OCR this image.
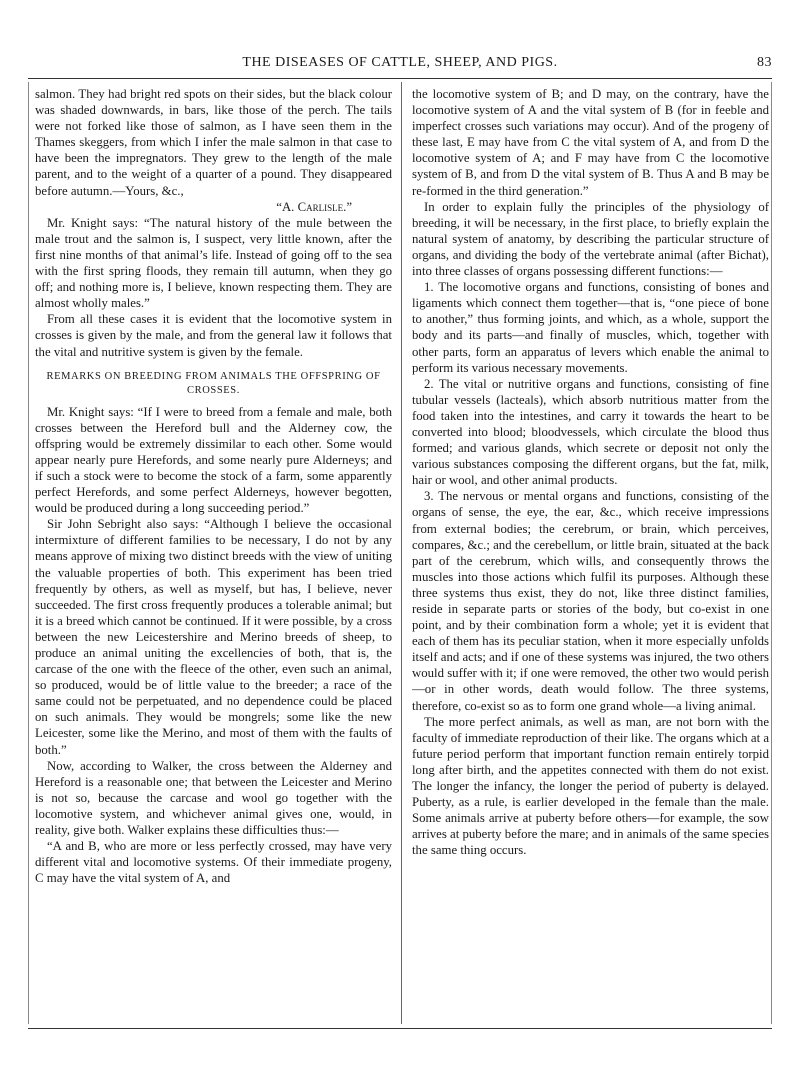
THE DISEASES OF CATTLE, SHEEP, AND PIGS.	83

salmon. They had bright red spots on their sides, but the black colour was shaded downwards, in bars, like those of the perch. The tails were not forked like those of salmon, as I have seen them in the Thames skeggers, from which I infer the male salmon in that case to have been the impregnators. They grew to the length of the male parent, and to the weight of a quarter of a pound. They disappeared before autumn.—Yours, &c.,

“A. Carlisle.”

Mr. Knight says: “The natural history of the mule between the male trout and the salmon is, I suspect, very little known, after the first nine months of that animal’s life. Instead of going off to the sea with the first spring floods, they remain till autumn, when they go off; and nothing more is, I believe, known respecting them. They are almost wholly males.”

From all these cases it is evident that the locomotive system in crosses is given by the male, and from the general law it follows that the vital and nutritive system is given by the female.

REMARKS ON BREEDING FROM ANIMALS THE OFFSPRING OF CROSSES.

Mr. Knight says: “If I were to breed from a female and male, both crosses between the Hereford bull and the Alderney cow, the offspring would be extremely dissimilar to each other. Some would appear nearly pure Herefords, and some nearly pure Alderneys; and if such a stock were to become the stock of a farm, some apparently perfect Herefords, and some perfect Alderneys, however begotten, would be produced during a long succeeding period.”

Sir John Sebright also says: “Although I believe the occasional intermixture of different families to be necessary, I do not by any means approve of mixing two distinct breeds with the view of uniting the valuable properties of both. This experiment has been tried frequently by others, as well as myself, but has, I believe, never succeeded. The first cross frequently produces a tolerable animal; but it is a breed which cannot be continued. If it were possible, by a cross between the new Leicestershire and Merino breeds of sheep, to produce an animal uniting the excellencies of both, that is, the carcase of the one with the fleece of the other, even such an animal, so produced, would be of little value to the breeder; a race of the same could not be perpetuated, and no dependence could be placed on such animals. They would be mongrels; some like the new Leicester, some like the Merino, and most of them with the faults of both.”

Now, according to Walker, the cross between the Alderney and Hereford is a reasonable one; that between the Leicester and Merino is not so, because the carcase and wool go together with the locomotive system, and whichever animal gives one, would, in reality, give both. Walker explains these difficulties thus:—

“A and B, who are more or less perfectly crossed, may have very different vital and locomotive systems. Of their immediate progeny, C may have the vital system of A, and

the locomotive system of B; and D may, on the contrary, have the locomotive system of A and the vital system of B (for in feeble and imperfect crosses such variations may occur). And of the progeny of these last, E may have from C the vital system of A, and from D the locomotive system of A; and F may have from C the locomotive system of B, and from D the vital system of B. Thus A and B may be re-formed in the third generation.”

In order to explain fully the principles of the physiology of breeding, it will be necessary, in the first place, to briefly explain the natural system of anatomy, by describing the particular structure of organs, and dividing the body of the vertebrate animal (after Bichat), into three classes of organs possessing different functions:—

1. The locomotive organs and functions, consisting of bones and ligaments which connect them together—that is, “one piece of bone to another,” thus forming joints, and which, as a whole, support the body and its parts—and finally of muscles, which, together with other parts, form an apparatus of levers which enable the animal to perform its various necessary movements.

2. The vital or nutritive organs and functions, consisting of fine tubular vessels (lacteals), which absorb nutritious matter from the food taken into the intestines, and carry it towards the heart to be converted into blood; bloodvessels, which circulate the blood thus formed; and various glands, which secrete or deposit not only the various substances composing the different organs, but the fat, milk, hair or wool, and other animal products.

3. The nervous or mental organs and functions, consisting of the organs of sense, the eye, the ear, &c., which receive impressions from external bodies; the cerebrum, or brain, which perceives, compares, &c.; and the cerebellum, or little brain, situated at the back part of the cerebrum, which wills, and consequently throws the muscles into those actions which fulfil its purposes. Although these three systems thus exist, they do not, like three distinct families, reside in separate parts or stories of the body, but co-exist in one point, and by their combination form a whole; yet it is evident that each of them has its peculiar station, when it more especially unfolds itself and acts; and if one of these systems was injured, the two others would suffer with it; if one were removed, the other two would perish—or in other words, death would follow. The three systems, therefore, co-exist so as to form one grand whole—a living animal.

The more perfect animals, as well as man, are not born with the faculty of immediate reproduction of their like. The organs which at a future period perform that important function remain entirely torpid long after birth, and the appetites connected with them do not exist. The longer the infancy, the longer the period of puberty is delayed. Puberty, as a rule, is earlier developed in the female than the male. Some animals arrive at puberty before others—for example, the sow arrives at puberty before the mare; and in animals of the same species the same thing occurs.
